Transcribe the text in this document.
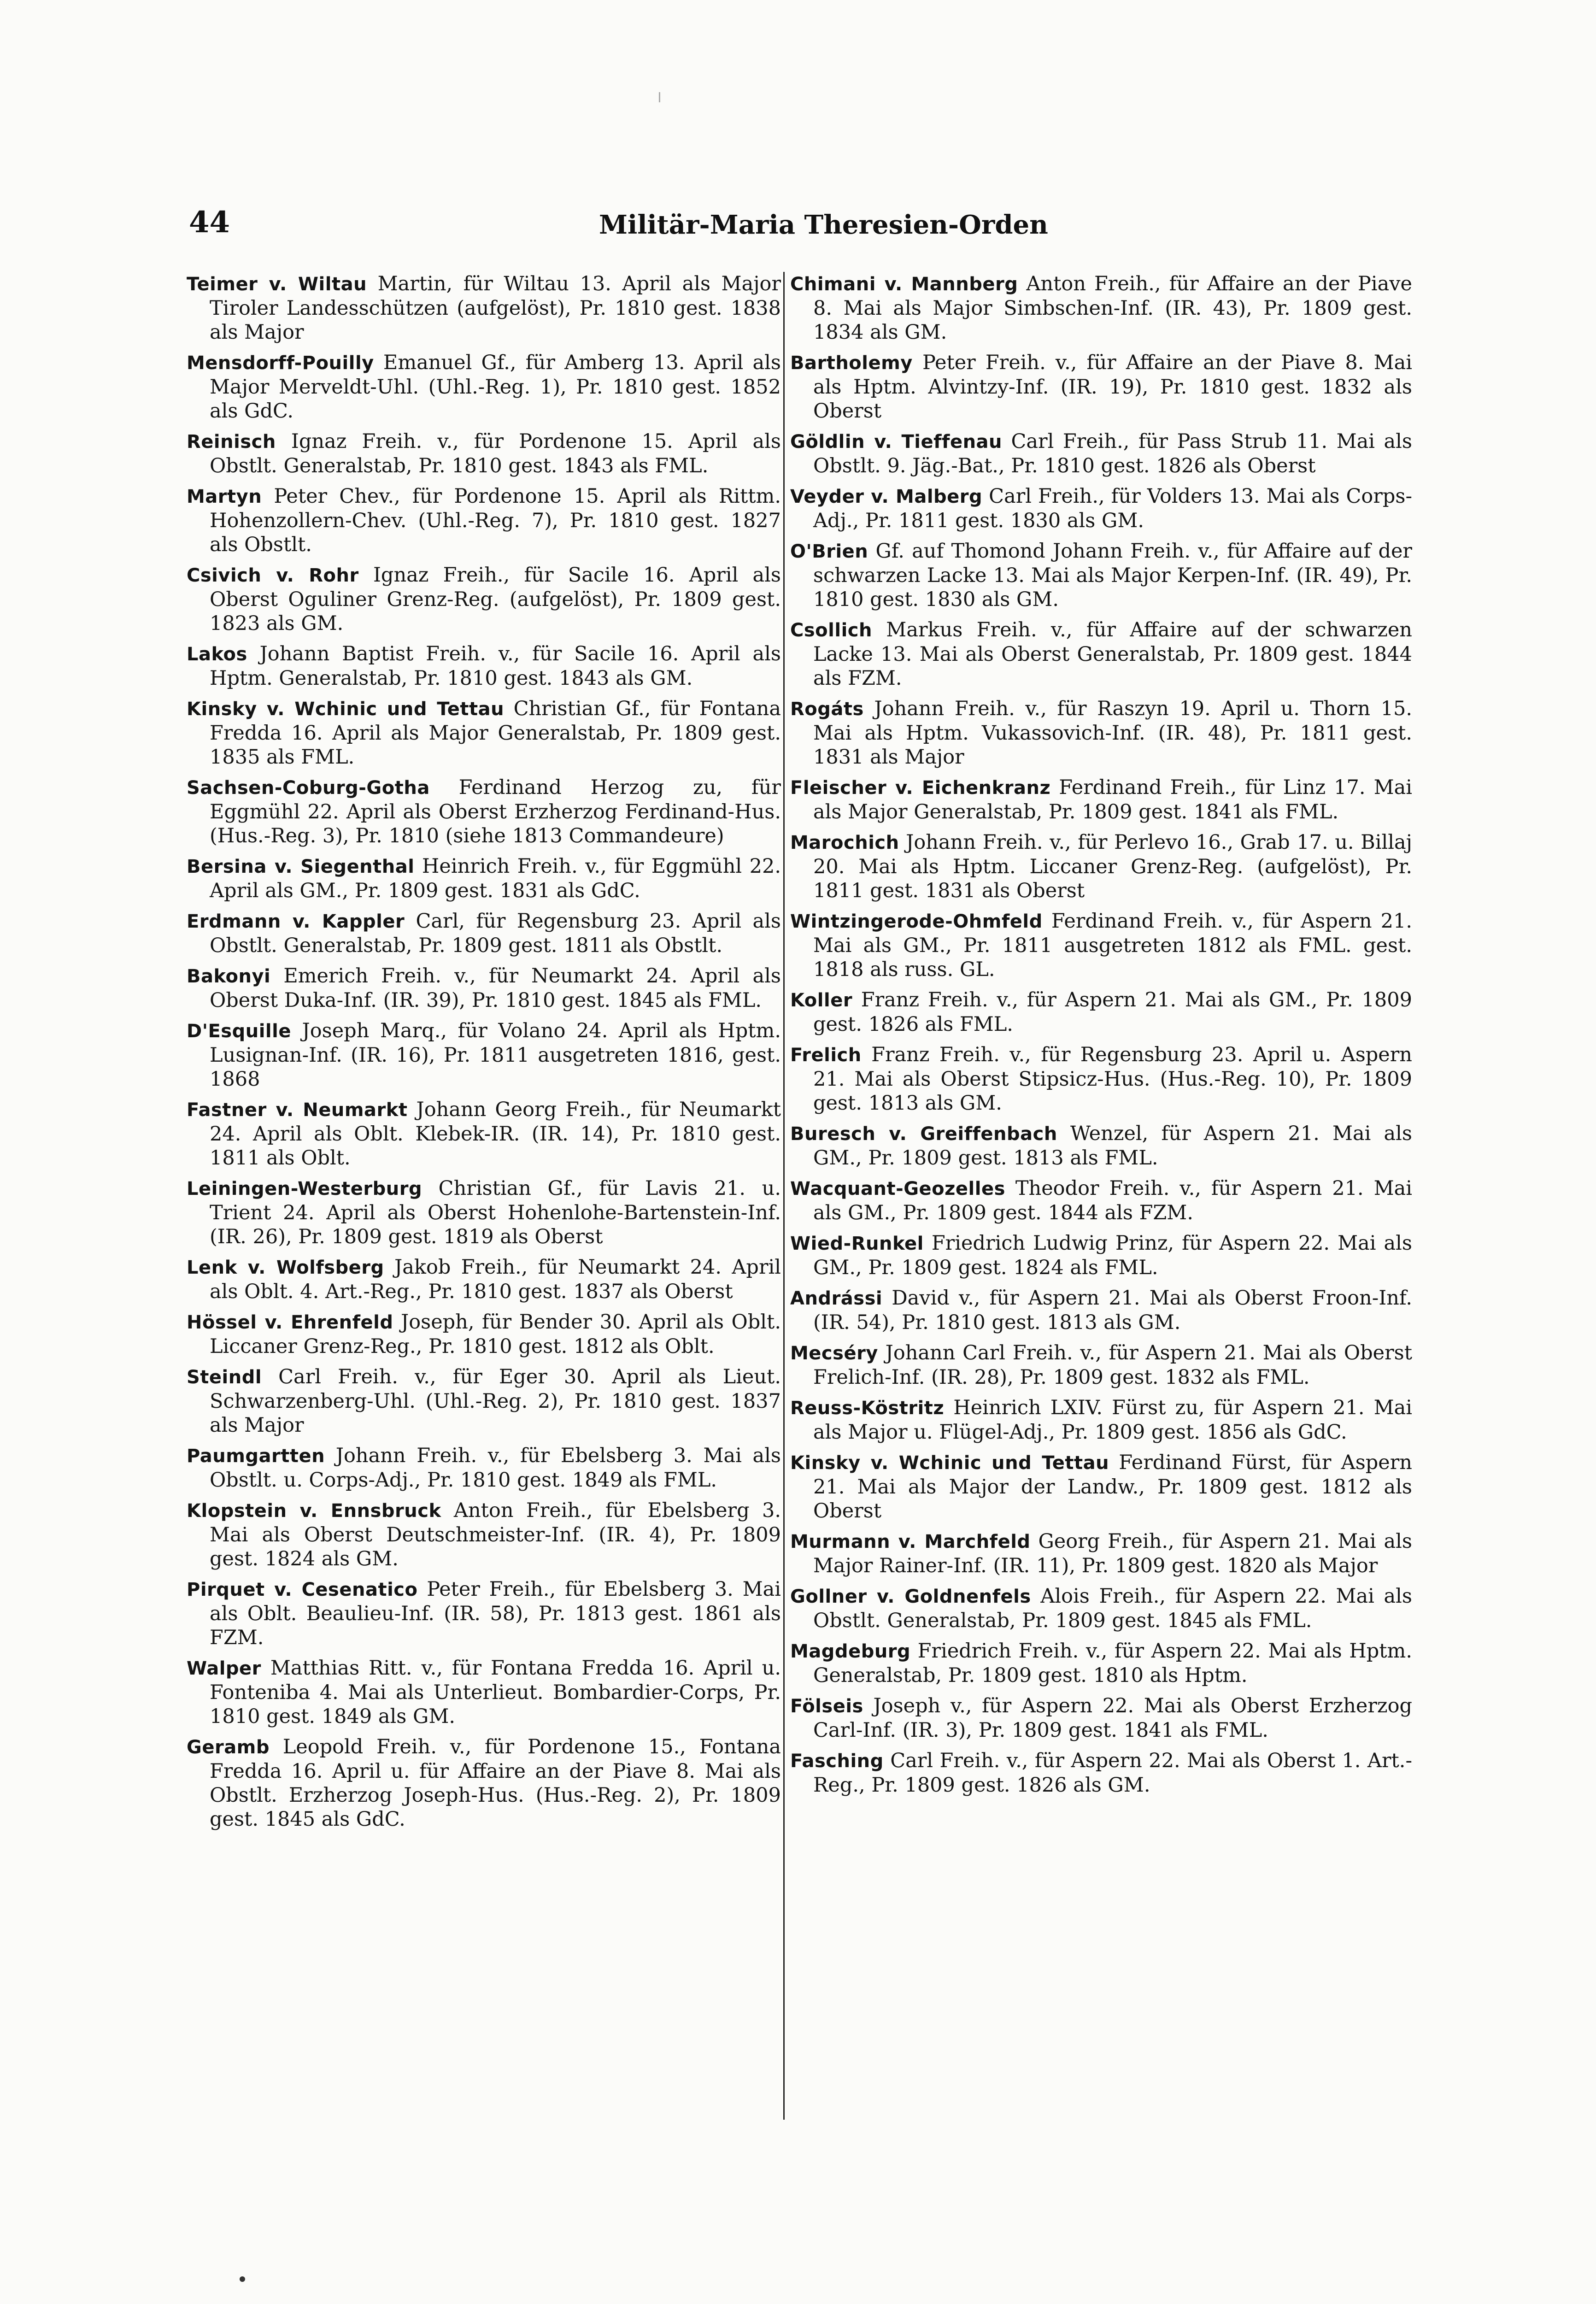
44	Militär-Maria Theresien-Orden

Teimer v. Wiltau Martin, für Wiltau 13. April als Major Tiroler Landesschützen (aufgelöst), Pr. 1810 gest. 1838 als Major

Mensdorff-Pouilly Emanuel Gf., für Amberg 13. April als Major Merveldt-Uhl. (Uhl.-Reg. 1), Pr. 1810 gest. 1852 als GdC.

Reinisch Ignaz Freih. v., für Pordenone 15. April als Obstlt. Generalstab, Pr. 1810 gest. 1843 als FML.

Martyn Peter Chev., für Pordenone 15. April als Rittm. Hohenzollern-Chev. (Uhl.-Reg. 7), Pr. 1810 gest. 1827 als Obstlt.

Csivich v. Rohr Ignaz Freih., für Sacile 16. April als Oberst Oguliner Grenz-Reg. (aufgelöst), Pr. 1809 gest. 1823 als GM.

Lakos Johann Baptist Freih. v., für Sacile 16. April als Hptm. Generalstab, Pr. 1810 gest. 1843 als GM.

Kinsky v. Wchinic und Tettau Christian Gf., für Fontana Fredda 16. April als Major Generalstab, Pr. 1809 gest. 1835 als FML.

Sachsen-Coburg-Gotha Ferdinand Herzog zu, für Eggmühl 22. April als Oberst Erzherzog Ferdinand-Hus. (Hus.-Reg. 3), Pr. 1810 (siehe 1813 Commandeure)

Bersina v. Siegenthal Heinrich Freih. v., für Eggmühl 22. April als GM., Pr. 1809 gest. 1831 als GdC.

Erdmann v. Kappler Carl, für Regensburg 23. April als Obstlt. Generalstab, Pr. 1809 gest. 1811 als Obstlt.

Bakonyi Emerich Freih. v., für Neumarkt 24. April als Oberst Duka-Inf. (IR. 39), Pr. 1810 gest. 1845 als FML.

D'Esquille Joseph Marq., für Volano 24. April als Hptm. Lusignan-Inf. (IR. 16), Pr. 1811 ausgetreten 1816, gest. 1868

Fastner v. Neumarkt Johann Georg Freih., für Neumarkt 24. April als Oblt. Klebek-IR. (IR. 14), Pr. 1810 gest. 1811 als Oblt.

Leiningen-Westerburg Christian Gf., für Lavis 21. u. Trient 24. April als Oberst Hohenlohe-Bartenstein-Inf. (IR. 26), Pr. 1809 gest. 1819 als Oberst

Lenk v. Wolfsberg Jakob Freih., für Neumarkt 24. April als Oblt. 4. Art.-Reg., Pr. 1810 gest. 1837 als Oberst

Hössel v. Ehrenfeld Joseph, für Bender 30. April als Oblt. Liccaner Grenz-Reg., Pr. 1810 gest. 1812 als Oblt.

Steindl Carl Freih. v., für Eger 30. April als Lieut. Schwarzenberg-Uhl. (Uhl.-Reg. 2), Pr. 1810 gest. 1837 als Major

Paumgartten Johann Freih. v., für Ebelsberg 3. Mai als Obstlt. u. Corps-Adj., Pr. 1810 gest. 1849 als FML.

Klopstein v. Ennsbruck Anton Freih., für Ebelsberg 3. Mai als Oberst Deutschmeister-Inf. (IR. 4), Pr. 1809 gest. 1824 als GM.

Pirquet v. Cesenatico Peter Freih., für Ebelsberg 3. Mai als Oblt. Beaulieu-Inf. (IR. 58), Pr. 1813 gest. 1861 als FZM.

Walper Matthias Ritt. v., für Fontana Fredda 16. April u. Fonteniba 4. Mai als Unterlieut. Bombardier-Corps, Pr. 1810 gest. 1849 als GM.

Geramb Leopold Freih. v., für Pordenone 15., Fontana Fredda 16. April u. für Affaire an der Piave 8. Mai als Obstlt. Erzherzog Joseph-Hus. (Hus.-Reg. 2), Pr. 1809 gest. 1845 als GdC.

Chimani v. Mannberg Anton Freih., für Affaire an der Piave 8. Mai als Major Simbschen-Inf. (IR. 43), Pr. 1809 gest. 1834 als GM.

Bartholemy Peter Freih. v., für Affaire an der Piave 8. Mai als Hptm. Alvintzy-Inf. (IR. 19), Pr. 1810 gest. 1832 als Oberst

Göldlin v. Tieffenau Carl Freih., für Pass Strub 11. Mai als Obstlt. 9. Jäg.-Bat., Pr. 1810 gest. 1826 als Oberst

Veyder v. Malberg Carl Freih., für Volders 13. Mai als Corps-Adj., Pr. 1811 gest. 1830 als GM.

O'Brien Gf. auf Thomond Johann Freih. v., für Affaire auf der schwarzen Lacke 13. Mai als Major Kerpen-Inf. (IR. 49), Pr. 1810 gest. 1830 als GM.

Csollich Markus Freih. v., für Affaire auf der schwarzen Lacke 13. Mai als Oberst Generalstab, Pr. 1809 gest. 1844 als FZM.

Rogáts Johann Freih. v., für Raszyn 19. April u. Thorn 15. Mai als Hptm. Vukassovich-Inf. (IR. 48), Pr. 1811 gest. 1831 als Major

Fleischer v. Eichenkranz Ferdinand Freih., für Linz 17. Mai als Major Generalstab, Pr. 1809 gest. 1841 als FML.

Marochich Johann Freih. v., für Perlevo 16., Grab 17. u. Billaj 20. Mai als Hptm. Liccaner Grenz-Reg. (aufgelöst), Pr. 1811 gest. 1831 als Oberst

Wintzingerode-Ohmfeld Ferdinand Freih. v., für Aspern 21. Mai als GM., Pr. 1811 ausgetreten 1812 als FML. gest. 1818 als russ. GL.

Koller Franz Freih. v., für Aspern 21. Mai als GM., Pr. 1809 gest. 1826 als FML.

Frelich Franz Freih. v., für Regensburg 23. April u. Aspern 21. Mai als Oberst Stipsicz-Hus. (Hus.-Reg. 10), Pr. 1809 gest. 1813 als GM.

Buresch v. Greiffenbach Wenzel, für Aspern 21. Mai als GM., Pr. 1809 gest. 1813 als FML.

Wacquant-Geozelles Theodor Freih. v., für Aspern 21. Mai als GM., Pr. 1809 gest. 1844 als FZM.

Wied-Runkel Friedrich Ludwig Prinz, für Aspern 22. Mai als GM., Pr. 1809 gest. 1824 als FML.

Andrássi David v., für Aspern 21. Mai als Oberst Froon-Inf. (IR. 54), Pr. 1810 gest. 1813 als GM.

Mecséry Johann Carl Freih. v., für Aspern 21. Mai als Oberst Frelich-Inf. (IR. 28), Pr. 1809 gest. 1832 als FML.

Reuss-Köstritz Heinrich LXIV. Fürst zu, für Aspern 21. Mai als Major u. Flügel-Adj., Pr. 1809 gest. 1856 als GdC.

Kinsky v. Wchinic und Tettau Ferdinand Fürst, für Aspern 21. Mai als Major der Landw., Pr. 1809 gest. 1812 als Oberst

Murmann v. Marchfeld Georg Freih., für Aspern 21. Mai als Major Rainer-Inf. (IR. 11), Pr. 1809 gest. 1820 als Major

Gollner v. Goldnenfels Alois Freih., für Aspern 22. Mai als Obstlt. Generalstab, Pr. 1809 gest. 1845 als FML.

Magdeburg Friedrich Freih. v., für Aspern 22. Mai als Hptm. Generalstab, Pr. 1809 gest. 1810 als Hptm.

Fölseis Joseph v., für Aspern 22. Mai als Oberst Erzherzog Carl-Inf. (IR. 3), Pr. 1809 gest. 1841 als FML.

Fasching Carl Freih. v., für Aspern 22. Mai als Oberst 1. Art.-Reg., Pr. 1809 gest. 1826 als GM.
